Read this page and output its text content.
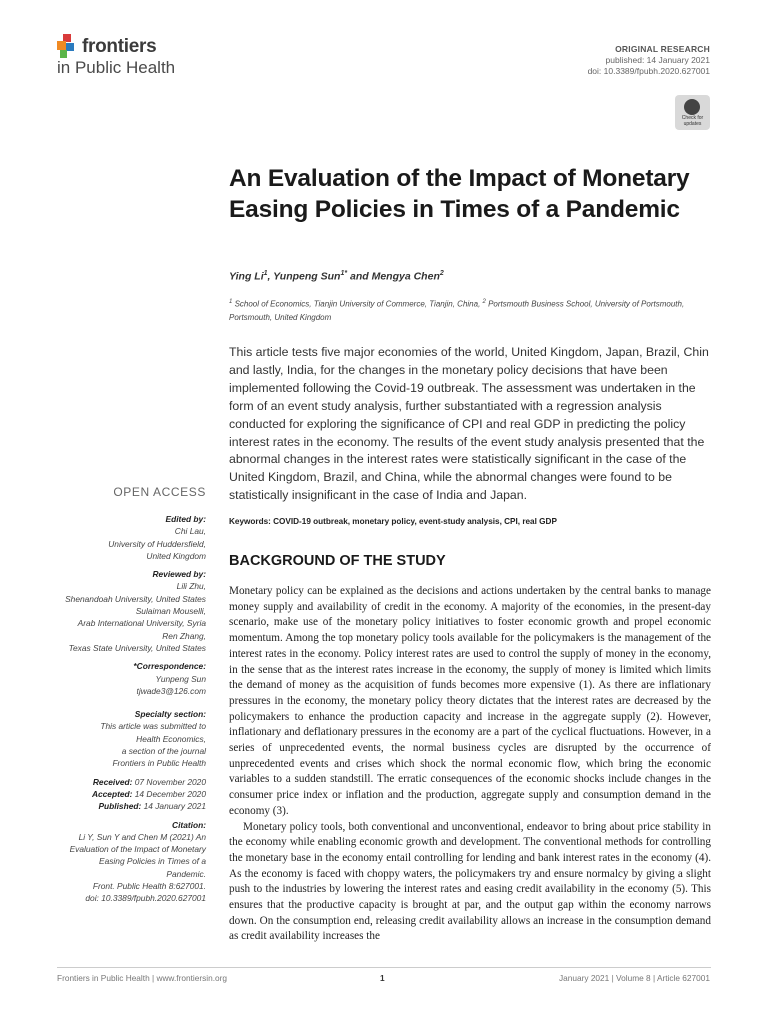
frontiers
in Public Health
ORIGINAL RESEARCH
published: 14 January 2021
doi: 10.3389/fpubh.2020.627001
Check for updates
An Evaluation of the Impact of Monetary Easing Policies in Times of a Pandemic
Ying Li$^1$, Yunpeng Sun$^{1*}$ and Mengya Chen$^2$
$^1$ School of Economics, Tianjin University of Commerce, Tianjin, China, $^2$ Portsmouth Business School, University of Portsmouth, Portsmouth, United Kingdom
This article tests five major economies of the world, United Kingdom, Japan, Brazil, Chin and lastly, India, for the changes in the monetary policy decisions that have been implemented following the Covid-19 outbreak. The assessment was undertaken in the form of an event study analysis, further substantiated with a regression analysis conducted for exploring the significance of CPI and real GDP in predicting the policy interest rates in the economy. The results of the event study analysis presented that the abnormal changes in the interest rates were statistically significant in the case of the United Kingdom, Brazil, and China, while the abnormal changes were found to be statistically insignificant in the case of India and Japan.
Keywords: COVID-19 outbreak, monetary policy, event-study analysis, CPI, real GDP
BACKGROUND OF THE STUDY

Monetary policy can be explained as the decisions and actions undertaken by the central banks to manage money supply and availability of credit in the economy. A majority of the economies, in the present-day scenario, make use of the monetary policy initiatives to foster economic growth and propel economic momentum. Among the top monetary policy tools available for the policymakers is the management of the interest rates in the economy. Policy interest rates are used to control the supply of money in the economy, in the sense that as the interest rates increase in the economy, the supply of money is limited which limits the demand of money as the acquisition of funds becomes more expensive (1). As there are inflationary pressures in the economy, the monetary policy theory dictates that the interest rates are decreased by the policymakers to enhance the production capacity and increase in the aggregate supply (2). However, inflationary and deflationary pressures in the economy are a part of the cyclical fluctuations. However, in a series of unprecedented events, the normal business cycles are disrupted by the occurrence of unprecedented events and crises which shock the normal economic flow, which bring the economic variables to a sudden standstill. The erratic consequences of the economic shocks include changes in the consumer price index or inflation and the production, aggregate supply and consumption demand in the economy (3).

Monetary policy tools, both conventional and unconventional, endeavor to bring about price stability in the economy while enabling economic growth and development. The conventional methods for controlling the monetary base in the economy entail controlling for lending and bank interest rates in the economy (4). As the economy is faced with choppy waters, the policymakers try and ensure normalcy by giving a slight push to the industries by lowering the interest rates and easing credit availability in the economy (5). This ensures that the productive capacity is brought at par, and the output gap within the economy narrows down. On the consumption end, releasing credit availability allows an increase in the consumption demand as credit availability increases the

OPEN ACCESS
Edited by:
Chi Lau,
University of Huddersfield,
United Kingdom
Reviewed by:
Lili Zhu,
Shenandoah University, United States
Sulaiman Mouselli,
Arab International University, Syria
Ren Zhang,
Texas State University, United States
*Correspondence:
Yunpeng Sun
tjwade3@126.com
Specialty section:
This article was submitted to
Health Economics,
a section of the journal
Frontiers in Public Health
Received: 07 November 2020
Accepted: 14 December 2020
Published: 14 January 2021
Citation:
Li Y, Sun Y and Chen M (2021) An
Evaluation of the Impact of Monetary
Easing Policies in Times of a
Pandemic.
Front. Public Health 8:627001.
doi: 10.3389/fpubh.2020.627001
Frontiers in Public Health | www.frontiersin.org	1	January 2021 | Volume 8 | Article 627001
